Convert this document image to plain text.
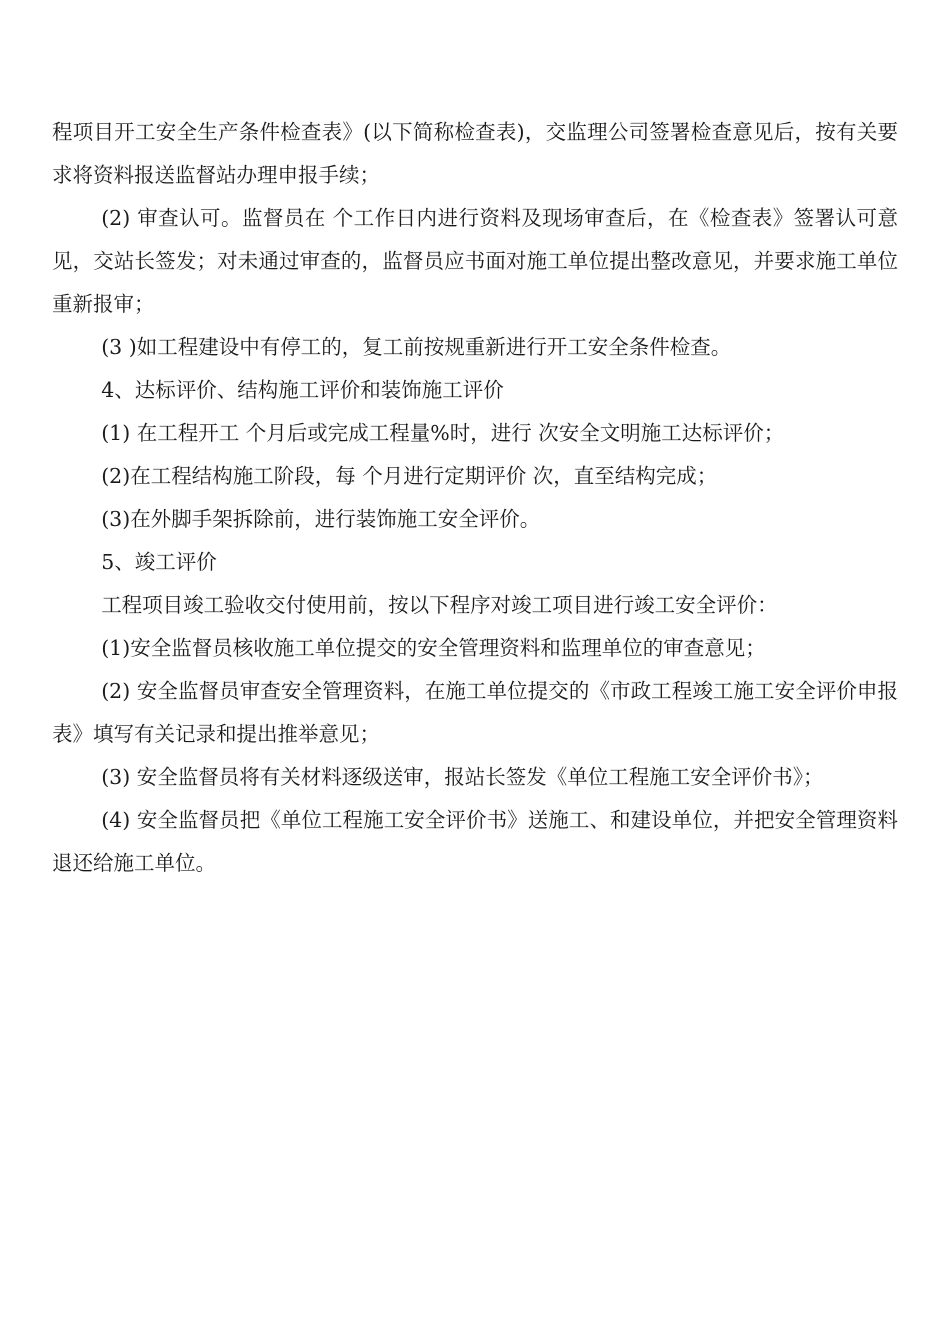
程项目开工安全生产条件检查表》(以下简称检查表)，交监理公司签署检查意见后，按有关要求将资料报送监督站办理申报手续；

(2) 审查认可。监督员在 个工作日内进行资料及现场审查后，在《检查表》签署认可意见，交站长签发；对未通过审查的，监督员应书面对施工单位提出整改意见，并要求施工单位重新报审；

(3 )如工程建设中有停工的，复工前按规重新进行开工安全条件检查。

4、达标评价、结构施工评价和装饰施工评价

(1) 在工程开工 个月后或完成工程量%时，进行 次安全文明施工达标评价；

(2)在工程结构施工阶段，每 个月进行定期评价 次，直至结构完成；

(3)在外脚手架拆除前，进行装饰施工安全评价。

5、竣工评价

工程项目竣工验收交付使用前，按以下程序对竣工项目进行竣工安全评价：

(1)安全监督员核收施工单位提交的安全管理资料和监理单位的审查意见；

(2) 安全监督员审查安全管理资料，在施工单位提交的《市政工程竣工施工安全评价申报表》填写有关记录和提出推举意见；

(3) 安全监督员将有关材料逐级送审，报站长签发《单位工程施工安全评价书》；

(4) 安全监督员把《单位工程施工安全评价书》送施工、和建设单位，并把安全管理资料退还给施工单位。
